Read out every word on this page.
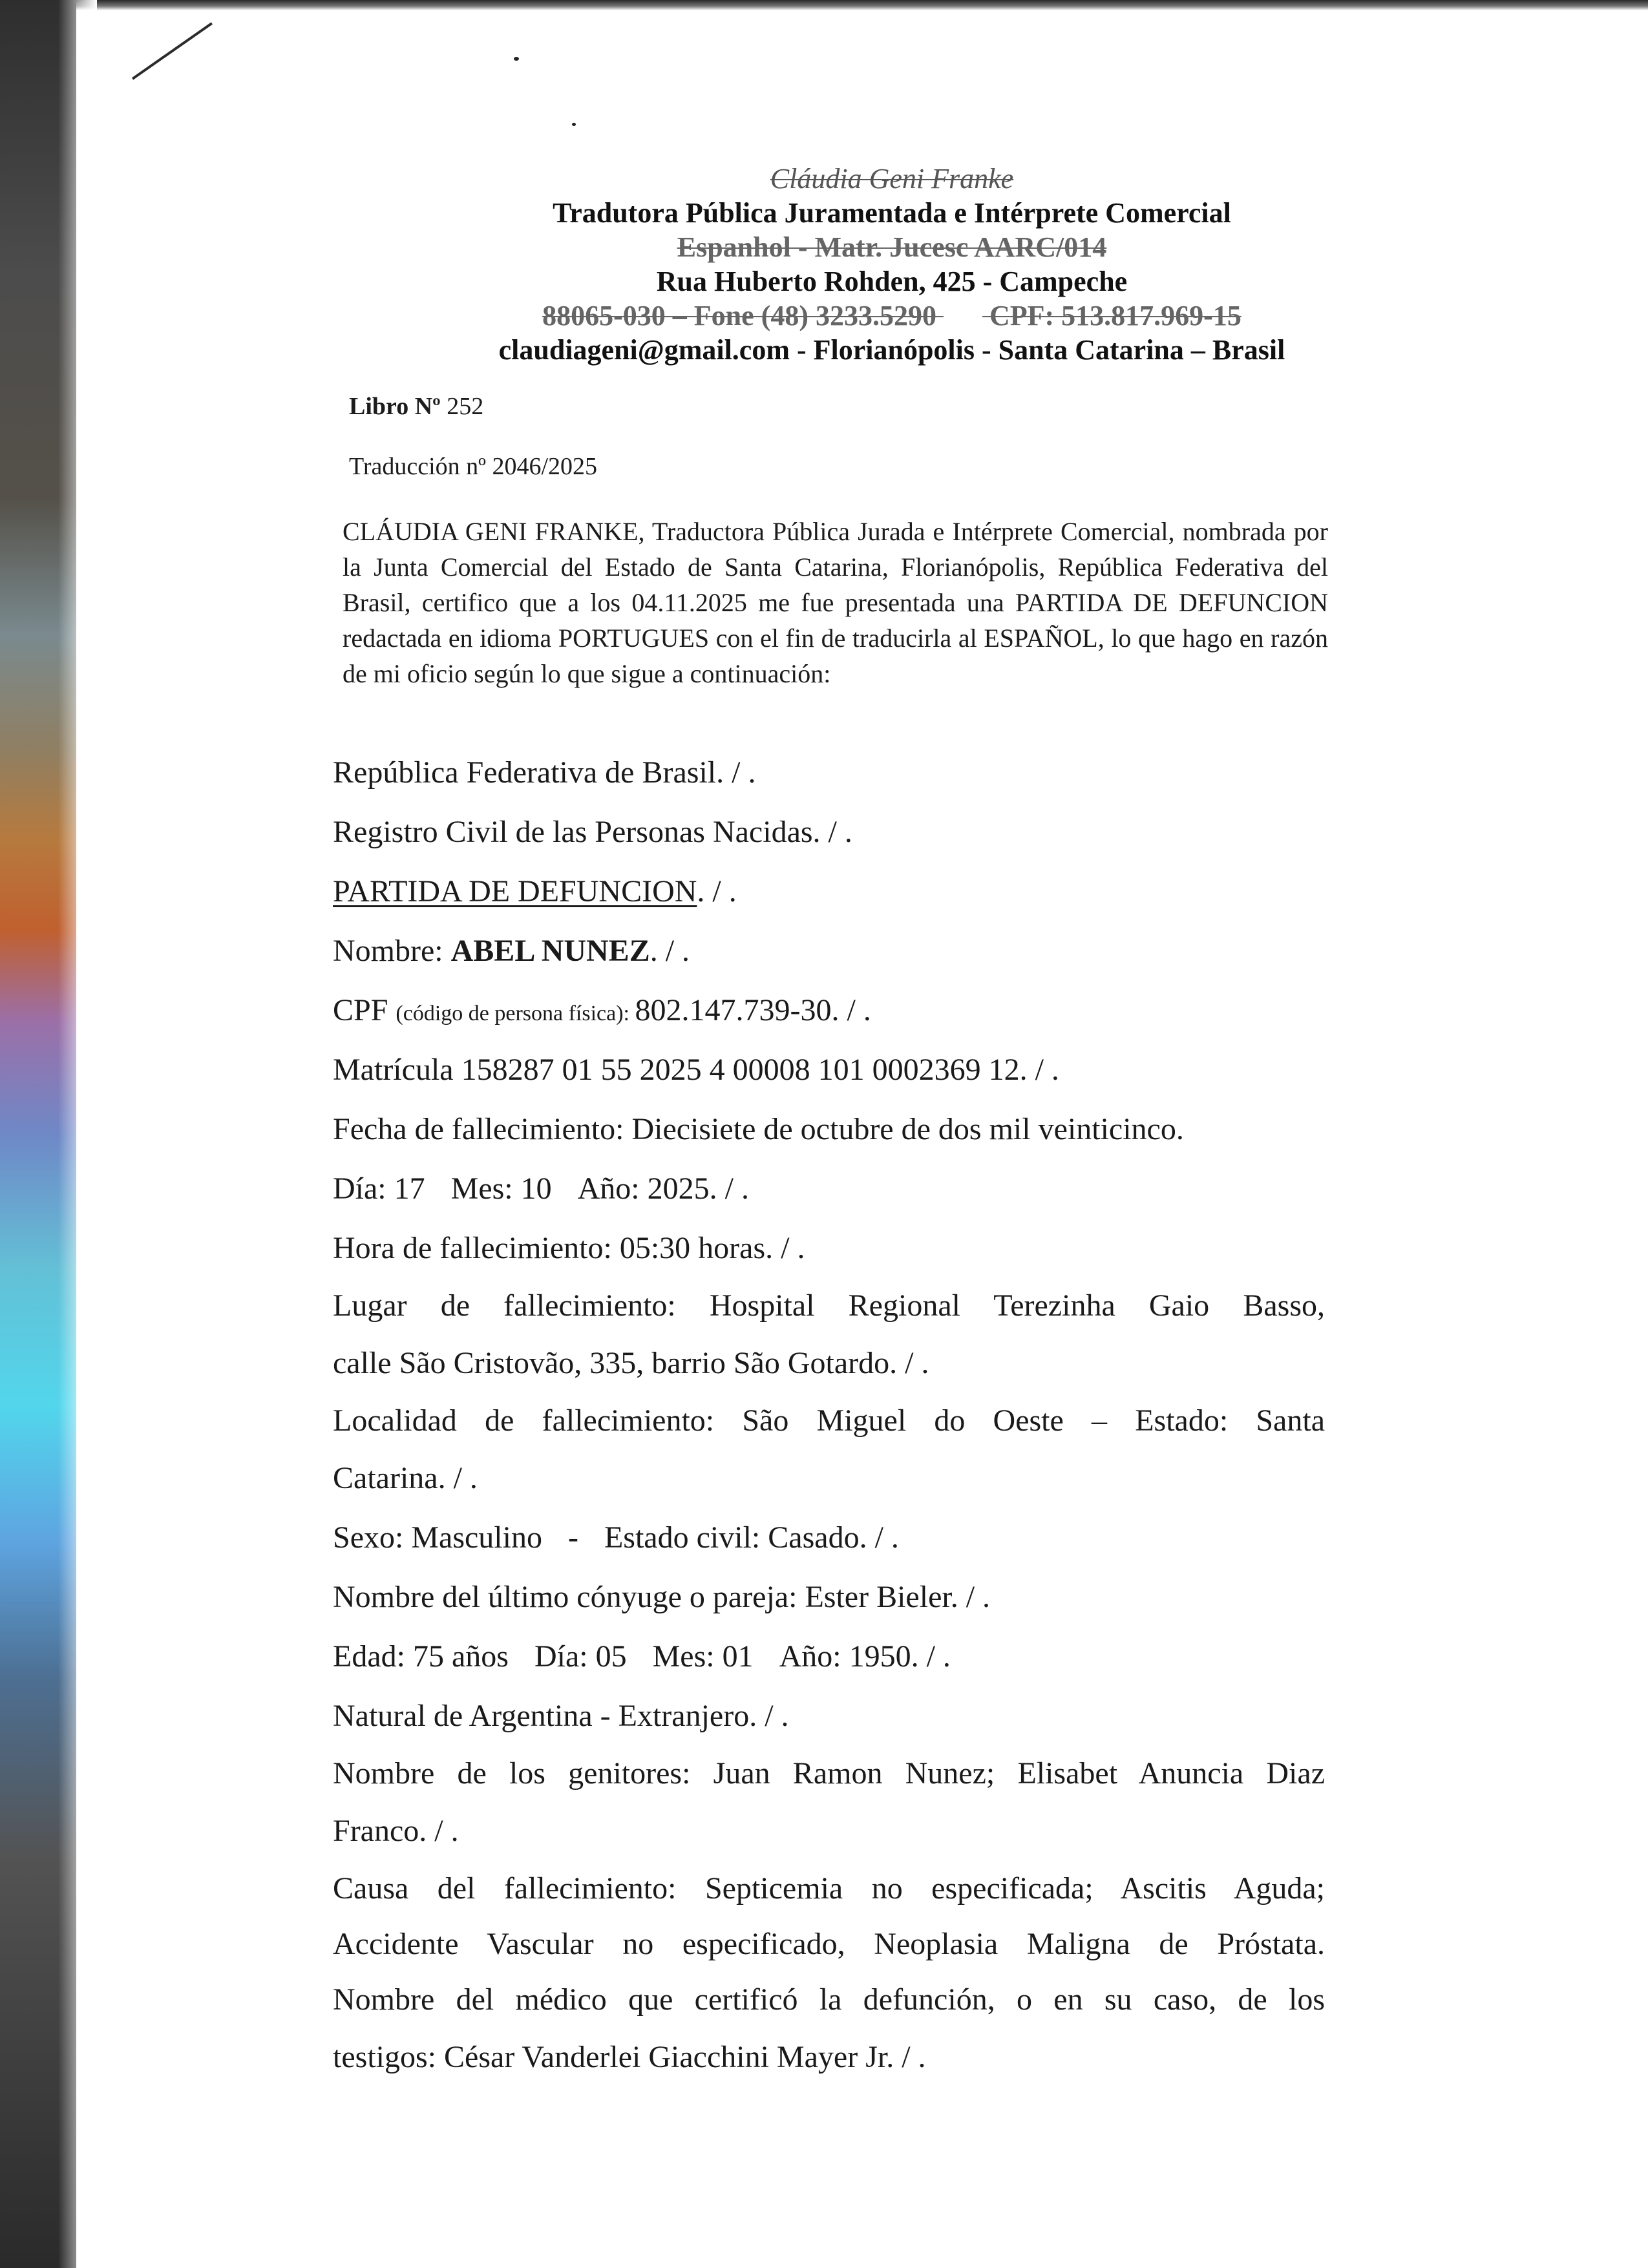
Cláudia Geni Franke
Tradutora Pública Juramentada e Intérprete Comercial
Espanhol - Matr. Jucesc AARC/014
Rua Huberto Rohden, 425 - Campeche
88065-030 – Fone (48) 3233.5290 CPF: 513.817.969-15
claudiageni@gmail.com - Florianópolis - Santa Catarina – Brasil
Libro Nº 252
Traducción nº 2046/2025

CLÁUDIA GENI FRANKE, Traductora Pública Jurada e Intérprete Comercial, nombrada por la Junta Comercial del Estado de Santa Catarina, Florianópolis, República Federativa del Brasil, certifico que a los 04.11.2025 me fue presentada una PARTIDA DE DEFUNCION redactada en idioma PORTUGUES con el fin de traducirla al ESPAÑOL, lo que hago en razón de mi oficio según lo que sigue a continuación:

República Federativa de Brasil. / .
Registro Civil de las Personas Nacidas. / .
PARTIDA DE DEFUNCION. / .
Nombre: ABEL NUNEZ. / .
CPF (código de persona física): 802.147.739-30. / .
Matrícula 158287 01 55 2025 4 00008 101 0002369 12. / .
Fecha de fallecimiento: Diecisiete de octubre de dos mil veinticinco.
Día: 17 Mes: 10 Año: 2025. / .
Hora de fallecimiento: 05:30 horas. / .
Lugar de fallecimiento: Hospital Regional Terezinha Gaio Basso,
calle São Cristovão, 335, barrio São Gotardo. / .
Localidad de fallecimiento: São Miguel do Oeste – Estado: Santa
Catarina. / .
Sexo: Masculino - Estado civil: Casado. / .
Nombre del último cónyuge o pareja: Ester Bieler. / .
Edad: 75 años Día: 05 Mes: 01 Año: 1950. / .
Natural de Argentina - Extranjero. / .
Nombre de los genitores: Juan Ramon Nunez; Elisabet Anuncia Diaz
Franco. / .
Causa del fallecimiento: Septicemia no especificada; Ascitis Aguda;
Accidente Vascular no especificado, Neoplasia Maligna de Próstata.
Nombre del médico que certificó la defunción, o en su caso, de los
testigos: César Vanderlei Giacchini Mayer Jr. / .
